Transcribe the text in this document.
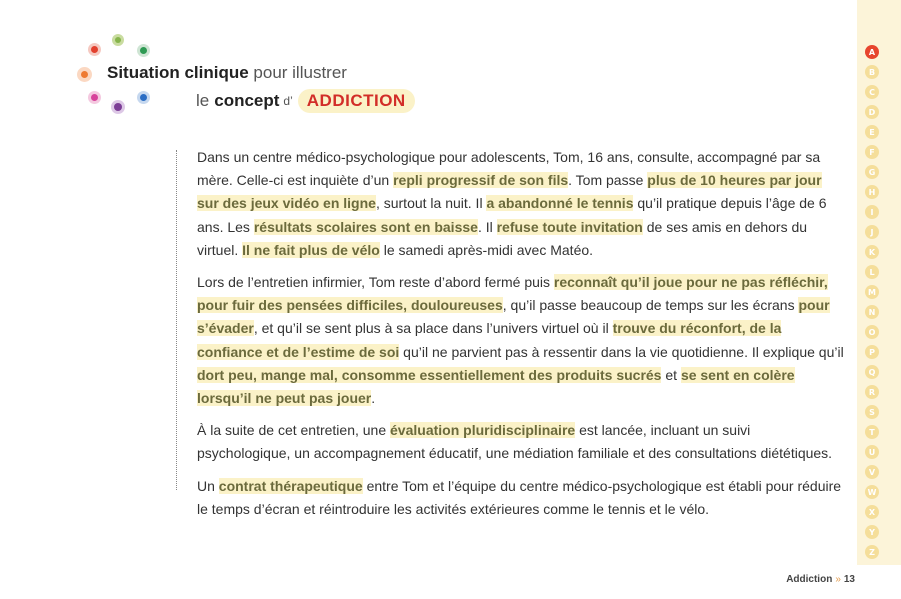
Situation clinique pour illustrer
le concept d’ ADDICTION

Dans un centre médico-psychologique pour adolescents, Tom, 16 ans, consulte, accompagné par sa mère. Celle-ci est inquiète d’un repli progressif de son fils. Tom passe plus de 10 heures par jour sur des jeux vidéo en ligne, surtout la nuit. Il a abandonné le tennis qu’il pratique depuis l’âge de 6 ans. Les résultats scolaires sont en baisse. Il refuse toute invitation de ses amis en dehors du virtuel. Il ne fait plus de vélo le samedi après-midi avec Matéo.

Lors de l’entretien infirmier, Tom reste d’abord fermé puis reconnaît qu’il joue pour ne pas réfléchir, pour fuir des pensées difficiles, douloureuses, qu’il passe beaucoup de temps sur les écrans pour s’évader, et qu’il se sent plus à sa place dans l’univers virtuel où il trouve du réconfort, de la confiance et de l’estime de soi qu’il ne parvient pas à ressentir dans la vie quotidienne. Il explique qu’il dort peu, mange mal, consomme essentiellement des produits sucrés et se sent en colère lorsqu’il ne peut pas jouer.

À la suite de cet entretien, une évaluation pluridisciplinaire est lancée, incluant un suivi psychologique, un accompagnement éducatif, une médiation familiale et des consultations diététiques.

Un contrat thérapeutique entre Tom et l’équipe du centre médico-psychologique est établi pour réduire le temps d’écran et réintroduire les activités extérieures comme le tennis et le vélo.

A
B
C
D
E
F
G
H
I
J
K
L
M
N
O
P
Q
R
S
T
U
V
W
X
Y
Z
Addiction » 13
